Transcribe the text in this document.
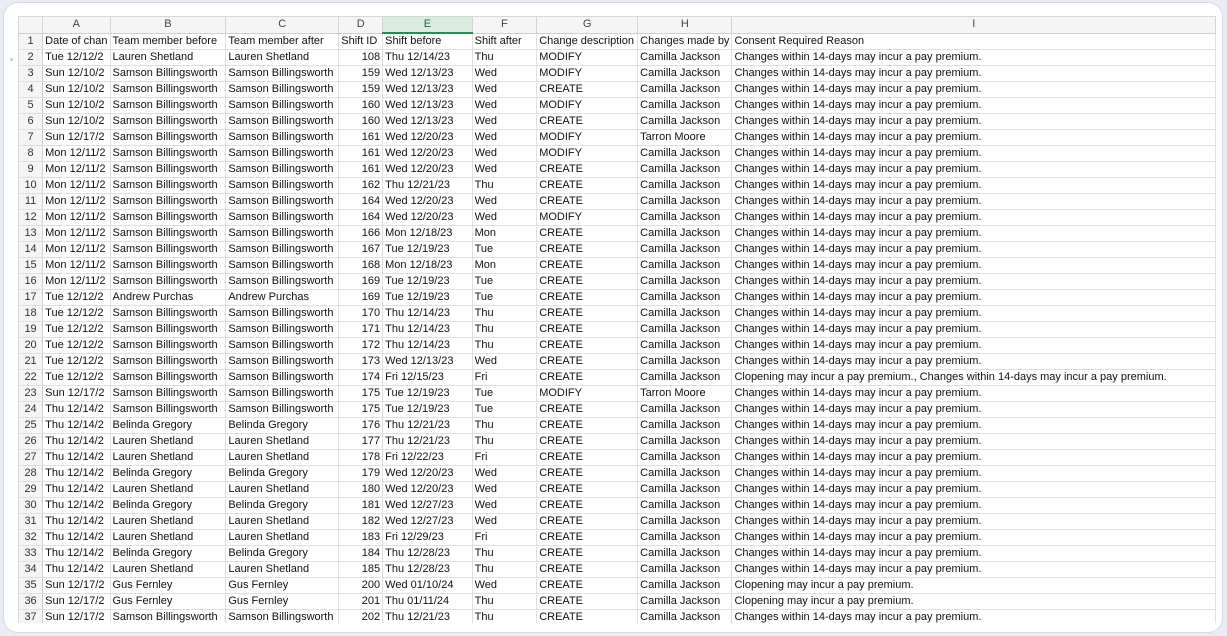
	A	B	C	D	E	F	G	H	I
1	Date of chan	Team member before	Team member after	Shift ID	Shift before	Shift after	Change description	Changes made by	Consent Required Reason
2	Tue 12/12/2	Lauren Shetland	Lauren Shetland	108	Thu 12/14/23	Thu	MODIFY	Camilla Jackson	Changes within 14-days may incur a pay premium.
3	Sun 12/10/2	Samson Billingsworth	Samson Billingsworth	159	Wed 12/13/23	Wed	MODIFY	Camilla Jackson	Changes within 14-days may incur a pay premium.
4	Sun 12/10/2	Samson Billingsworth	Samson Billingsworth	159	Wed 12/13/23	Wed	CREATE	Camilla Jackson	Changes within 14-days may incur a pay premium.
5	Sun 12/10/2	Samson Billingsworth	Samson Billingsworth	160	Wed 12/13/23	Wed	MODIFY	Camilla Jackson	Changes within 14-days may incur a pay premium.
6	Sun 12/10/2	Samson Billingsworth	Samson Billingsworth	160	Wed 12/13/23	Wed	CREATE	Camilla Jackson	Changes within 14-days may incur a pay premium.
7	Sun 12/17/2	Samson Billingsworth	Samson Billingsworth	161	Wed 12/20/23	Wed	MODIFY	Tarron Moore	Changes within 14-days may incur a pay premium.
8	Mon 12/11/2	Samson Billingsworth	Samson Billingsworth	161	Wed 12/20/23	Wed	MODIFY	Camilla Jackson	Changes within 14-days may incur a pay premium.
9	Mon 12/11/2	Samson Billingsworth	Samson Billingsworth	161	Wed 12/20/23	Wed	CREATE	Camilla Jackson	Changes within 14-days may incur a pay premium.
10	Mon 12/11/2	Samson Billingsworth	Samson Billingsworth	162	Thu 12/21/23	Thu	CREATE	Camilla Jackson	Changes within 14-days may incur a pay premium.
11	Mon 12/11/2	Samson Billingsworth	Samson Billingsworth	164	Wed 12/20/23	Wed	CREATE	Camilla Jackson	Changes within 14-days may incur a pay premium.
12	Mon 12/11/2	Samson Billingsworth	Samson Billingsworth	164	Wed 12/20/23	Wed	MODIFY	Camilla Jackson	Changes within 14-days may incur a pay premium.
13	Mon 12/11/2	Samson Billingsworth	Samson Billingsworth	166	Mon 12/18/23	Mon	CREATE	Camilla Jackson	Changes within 14-days may incur a pay premium.
14	Mon 12/11/2	Samson Billingsworth	Samson Billingsworth	167	Tue 12/19/23	Tue	CREATE	Camilla Jackson	Changes within 14-days may incur a pay premium.
15	Mon 12/11/2	Samson Billingsworth	Samson Billingsworth	168	Mon 12/18/23	Mon	CREATE	Camilla Jackson	Changes within 14-days may incur a pay premium.
16	Mon 12/11/2	Samson Billingsworth	Samson Billingsworth	169	Tue 12/19/23	Tue	CREATE	Camilla Jackson	Changes within 14-days may incur a pay premium.
17	Tue 12/12/2	Andrew Purchas	Andrew Purchas	169	Tue 12/19/23	Tue	CREATE	Camilla Jackson	Changes within 14-days may incur a pay premium.
18	Tue 12/12/2	Samson Billingsworth	Samson Billingsworth	170	Thu 12/14/23	Thu	CREATE	Camilla Jackson	Changes within 14-days may incur a pay premium.
19	Tue 12/12/2	Samson Billingsworth	Samson Billingsworth	171	Thu 12/14/23	Thu	CREATE	Camilla Jackson	Changes within 14-days may incur a pay premium.
20	Tue 12/12/2	Samson Billingsworth	Samson Billingsworth	172	Thu 12/14/23	Thu	CREATE	Camilla Jackson	Changes within 14-days may incur a pay premium.
21	Tue 12/12/2	Samson Billingsworth	Samson Billingsworth	173	Wed 12/13/23	Wed	CREATE	Camilla Jackson	Changes within 14-days may incur a pay premium.
22	Tue 12/12/2	Samson Billingsworth	Samson Billingsworth	174	Fri 12/15/23	Fri	CREATE	Camilla Jackson	Clopening may incur a pay premium., Changes within 14-days may incur a pay premium.
23	Sun 12/17/2	Samson Billingsworth	Samson Billingsworth	175	Tue 12/19/23	Tue	MODIFY	Tarron Moore	Changes within 14-days may incur a pay premium.
24	Thu 12/14/2	Samson Billingsworth	Samson Billingsworth	175	Tue 12/19/23	Tue	CREATE	Camilla Jackson	Changes within 14-days may incur a pay premium.
25	Thu 12/14/2	Belinda Gregory	Belinda Gregory	176	Thu 12/21/23	Thu	CREATE	Camilla Jackson	Changes within 14-days may incur a pay premium.
26	Thu 12/14/2	Lauren Shetland	Lauren Shetland	177	Thu 12/21/23	Thu	CREATE	Camilla Jackson	Changes within 14-days may incur a pay premium.
27	Thu 12/14/2	Lauren Shetland	Lauren Shetland	178	Fri 12/22/23	Fri	CREATE	Camilla Jackson	Changes within 14-days may incur a pay premium.
28	Thu 12/14/2	Belinda Gregory	Belinda Gregory	179	Wed 12/20/23	Wed	CREATE	Camilla Jackson	Changes within 14-days may incur a pay premium.
29	Thu 12/14/2	Lauren Shetland	Lauren Shetland	180	Wed 12/20/23	Wed	CREATE	Camilla Jackson	Changes within 14-days may incur a pay premium.
30	Thu 12/14/2	Belinda Gregory	Belinda Gregory	181	Wed 12/27/23	Wed	CREATE	Camilla Jackson	Changes within 14-days may incur a pay premium.
31	Thu 12/14/2	Lauren Shetland	Lauren Shetland	182	Wed 12/27/23	Wed	CREATE	Camilla Jackson	Changes within 14-days may incur a pay premium.
32	Thu 12/14/2	Lauren Shetland	Lauren Shetland	183	Fri 12/29/23	Fri	CREATE	Camilla Jackson	Changes within 14-days may incur a pay premium.
33	Thu 12/14/2	Belinda Gregory	Belinda Gregory	184	Thu 12/28/23	Thu	CREATE	Camilla Jackson	Changes within 14-days may incur a pay premium.
34	Thu 12/14/2	Lauren Shetland	Lauren Shetland	185	Thu 12/28/23	Thu	CREATE	Camilla Jackson	Changes within 14-days may incur a pay premium.
35	Sun 12/17/2	Gus Fernley	Gus Fernley	200	Wed 01/10/24	Wed	CREATE	Camilla Jackson	Clopening may incur a pay premium.
36	Sun 12/17/2	Gus Fernley	Gus Fernley	201	Thu 01/11/24	Thu	CREATE	Camilla Jackson	Clopening may incur a pay premium.
37	Sun 12/17/2	Samson Billingsworth	Samson Billingsworth	202	Thu 12/21/23	Thu	CREATE	Camilla Jackson	Changes within 14-days may incur a pay premium.
